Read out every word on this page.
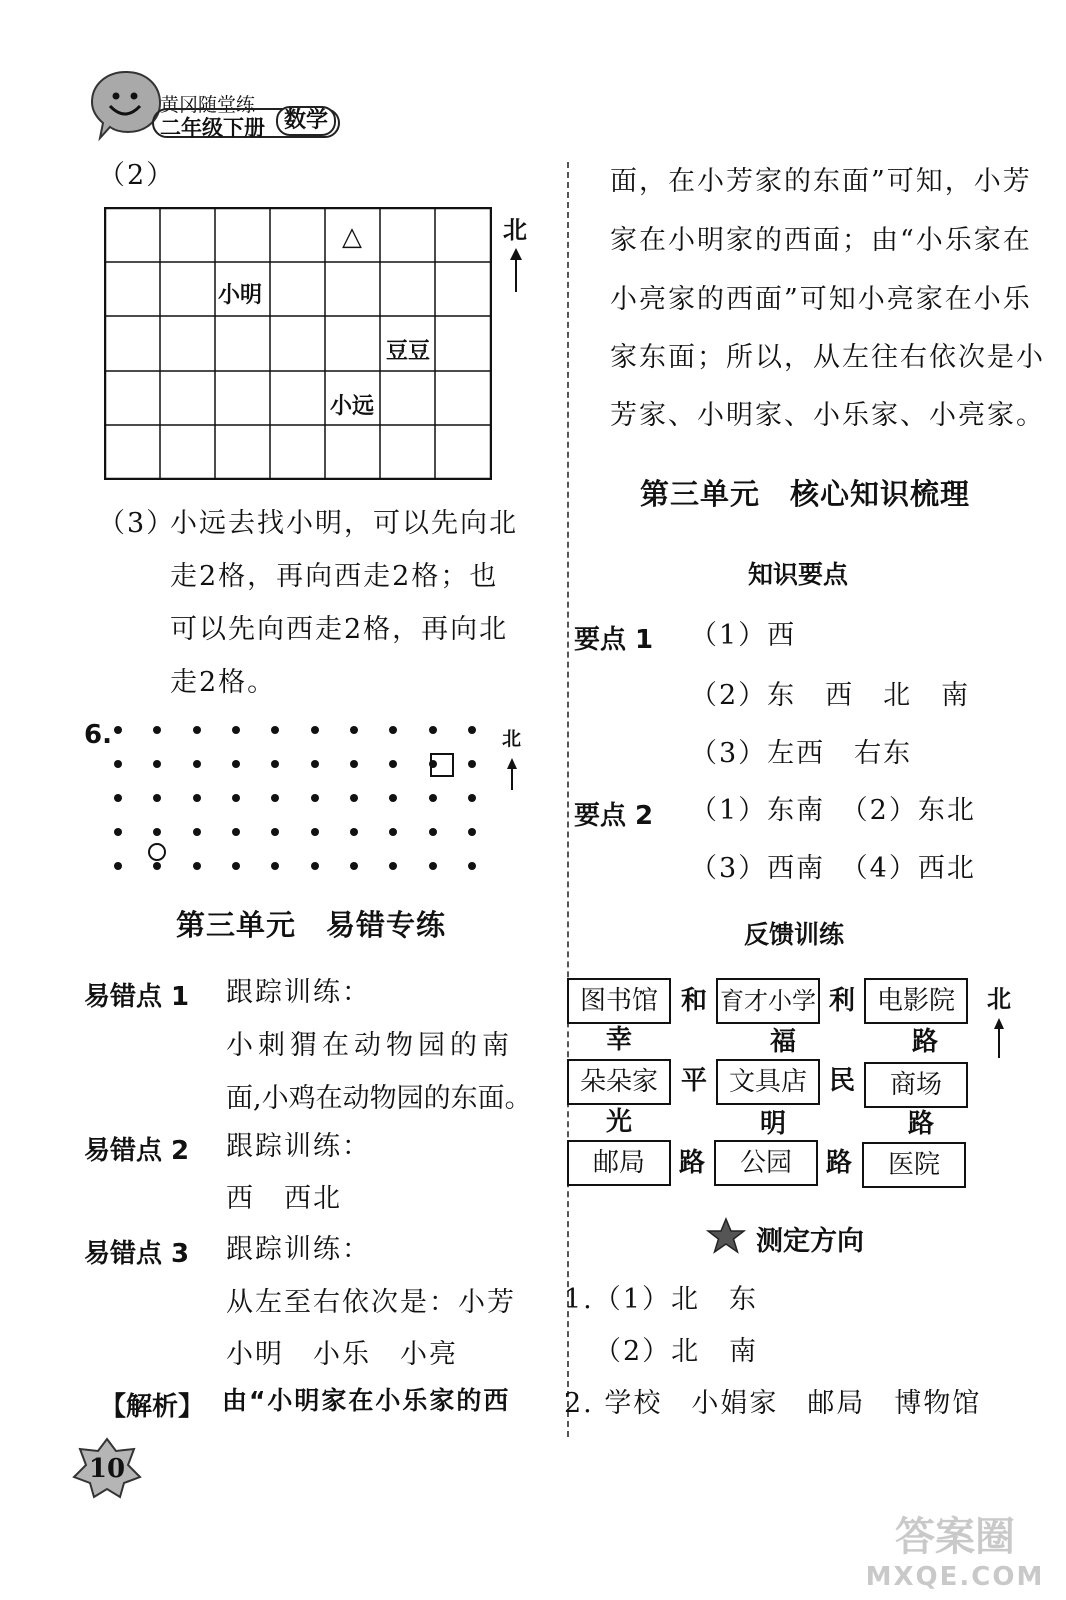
黄冈随堂练
二年级下册 数学
（2）
△
小明
豆豆
小远
北
（3）
小远去找小明，可以先向北
走2格，再向西走2格；也
可以先向西走2格，再向北
走2格。
6.	北
第三单元　易错专练
易错点 1 跟踪训练：
小刺猬在动物园的南
面,小鸡在动物园的东面。
易错点 2 跟踪训练：
西　西北
易错点 3 跟踪训练：
从左至右依次是：小芳
小明　小乐　小亮
【解析】 由“小明家在小乐家的西
面，在小芳家的东面”可知，小芳
家在小明家的西面；由“小乐家在
小亮家的西面”可知小亮家在小乐
家东面；所以，从左往右依次是小
芳家、小明家、小乐家、小亮家。
第三单元　核心知识梳理
知识要点
要点 1 （1）西
（2）东　西　北　南
（3）左西　右东
要点 2 （1）东南　（2）东北
（3）西南　（4）西北
反馈训练
图书馆 和 育才小学 利 电影院	北
幸	福	路
朵朵家 平 文具店 民	商场
光	明	路
邮局	路	公园	路	医院
测定方向
1.（1）北　东
（2）北　南
2. 学校　小娟家　邮局　博物馆
10
答案圈
MXQE.COM
